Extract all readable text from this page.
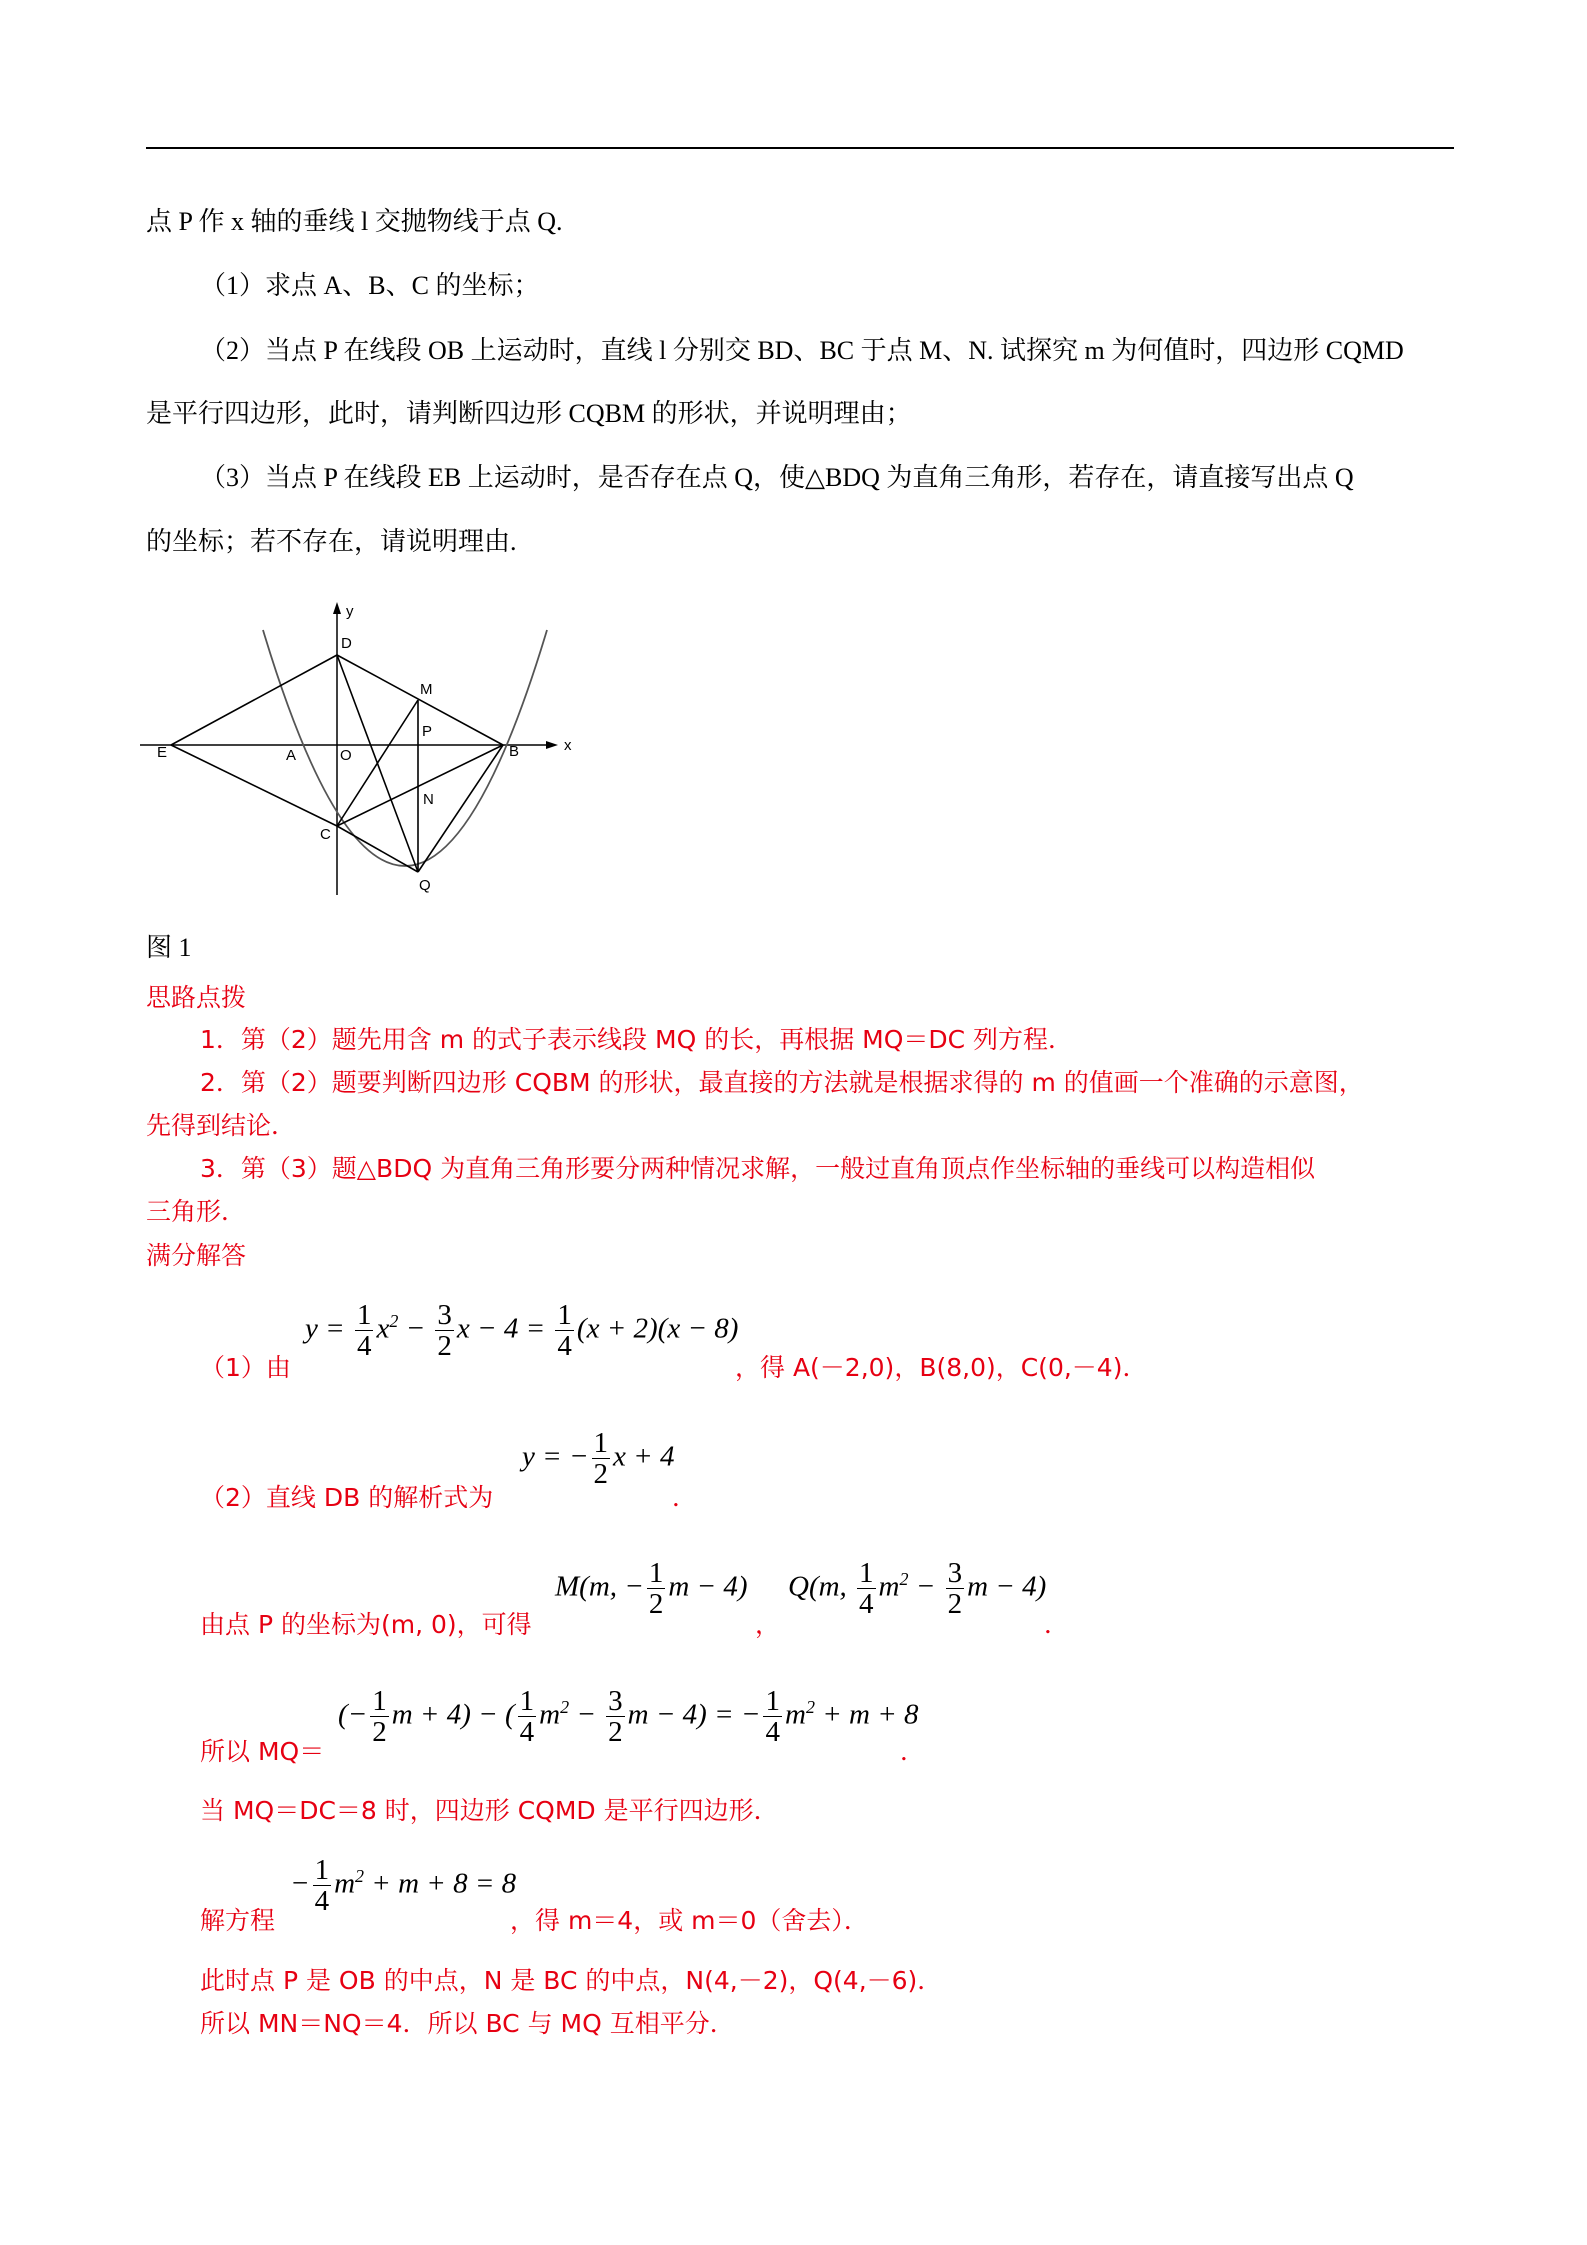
点 P 作 x 轴的垂线 l 交抛物线于点 Q.
（1）求点 A、B、C 的坐标；
（2）当点 P 在线段 OB 上运动时，直线 l 分别交 BD、BC 于点 M、N. 试探究 m 为何值时，四边形 CQMD
是平行四边形，此时，请判断四边形 CQBM 的形状，并说明理由；
（3）当点 P 在线段 EB 上运动时，是否存在点 Q，使△BDQ 为直角三角形，若存在，请直接写出点 Q
的坐标；若不存在，请说明理由.
y
x
D
M
P
E	A	O	B
N
C
Q
图 1
思路点拨
1．第（2）题先用含 m 的式子表示线段 MQ 的长，再根据 MQ＝DC 列方程．
2．第（2）题要判断四边形 CQBM 的形状，最直接的方法就是根据求得的 m 的值画一个准确的示意图，
先得到结论．
3．第（3）题△BDQ 为直角三角形要分两种情况求解，一般过直角顶点作坐标轴的垂线可以构造相似
三角形．
满分解答
（1）由
$y = \frac{1}{4} x^2 - \frac{3}{2}$ $x - 4 = \frac{1}{4} (x + 2)(x - 8)$
，得 A(－2,0)，B(8,0)，C(0,－4)．
（2）直线 DB 的解析式为
y = − $\frac{1}{2}$ x + 4
．
由点 P 的坐标为(m, 0)，可得
M(m, − $\frac{1}{2}$ m − 4)
，
Q(m, $\frac{1}{4} m^2 - \frac{3}{2}$ m − 4)
．
所以 MQ＝
(− $\frac{1}{2}$ m + 4) − ( $\frac{1}{4} m^2 - \frac{3}{2}$ m − 4) = − $\frac{1}{4} m^2 + m + 8$
．
当 MQ＝DC＝8 时，四边形 CQMD 是平行四边形．
解方程
− $\frac{1}{4} m^2 + m + 8 = 8$
，得 m＝4，或 m＝0（舍去）．
此时点 P 是 OB 的中点，N 是 BC 的中点，N(4,－2)，Q(4,－6)．
所以 MN＝NQ＝4．所以 BC 与 MQ 互相平分．
